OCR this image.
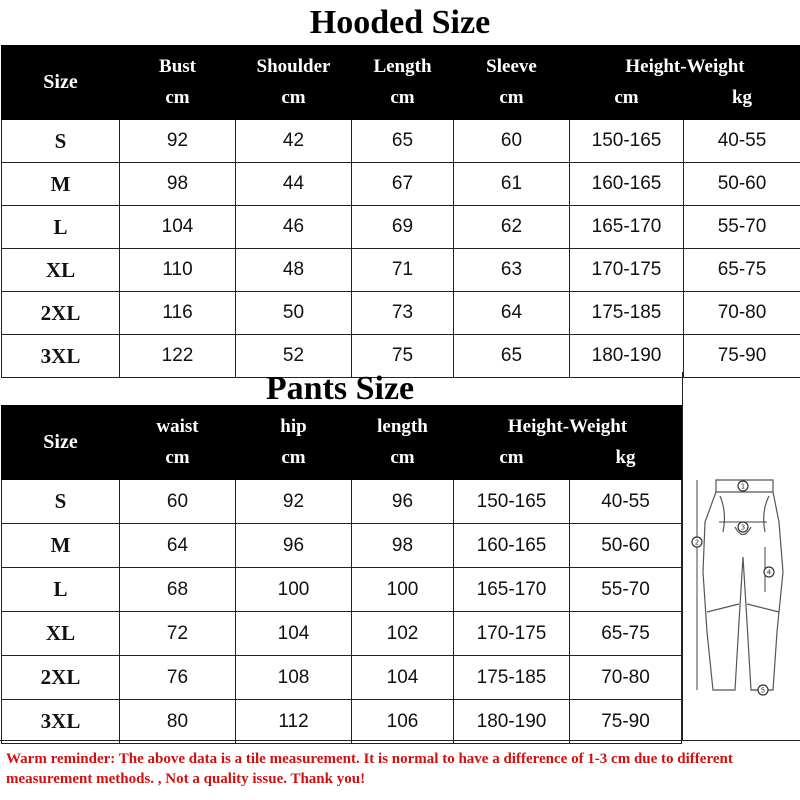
Hooded Size
Size	Bust	Shoulder	Length	Sleeve	Height-Weight	
	cm	cm	cm	cm	cm	kg
S	92	42	65	60	150-165	40-55
M	98	44	67	61	160-165	50-60
L	104	46	69	62	165-170	55-70
XL	110	48	71	63	170-175	65-75
2XL	116	50	73	64	175-185	70-80
3XL	122	52	75	65	180-190	75-90
Pants Size
Size	waist	hip	length	Height-Weight	
	cm	cm	cm	cm	kg
S	60	92	96	150-165	40-55
M	64	96	98	160-165	50-60
L	68	100	100	165-170	55-70
XL	72	104	102	170-175	65-75
2XL	76	108	104	175-185	70-80
3XL	80	112	106	180-190	75-90
1
2
3
4
5
Warm reminder: The above data is a tile measurement. It is normal to have a difference of 1-3 cm due to different measurement methods. , Not a quality issue. Thank you!
